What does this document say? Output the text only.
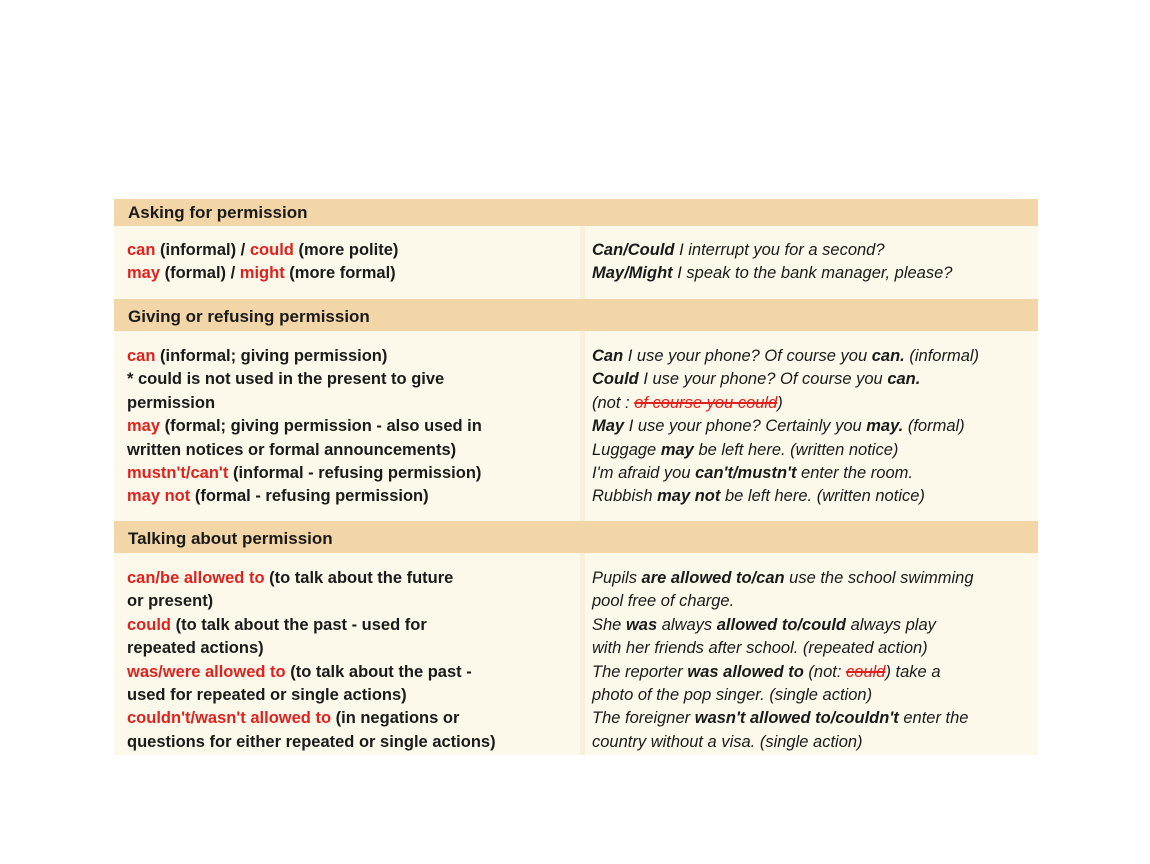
Asking for permission
can (informal) / could (more polite)
may (formal) / might (more formal)
Can/Could I interrupt you for a second?
May/Might I speak to the bank manager, please?
Giving or refusing permission
can (informal; giving permission)
* could is not used in the present to give
permission
may (formal; giving permission - also used in
written notices or formal announcements)
mustn't/can't (informal - refusing permission)
may not (formal - refusing permission)
Can I use your phone? Of course you can. (informal)
Could I use your phone? Of course you can.
(not : of course you could)
May I use your phone? Certainly you may. (formal)
Luggage may be left here. (written notice)
I'm afraid you can't/mustn't enter the room.
Rubbish may not be left here. (written notice)
Talking about permission
can/be allowed to (to talk about the future
or present)
could (to talk about the past - used for
repeated actions)
was/were allowed to (to talk about the past -
used for repeated or single actions)
couldn't/wasn't allowed to (in negations or
questions for either repeated or single actions)
Pupils are allowed to/can use the school swimming
pool free of charge.
She was always allowed to/could always play
with her friends after school. (repeated action)
The reporter was allowed to (not: could) take a
photo of the pop singer. (single action)
The foreigner wasn't allowed to/couldn't enter the
country without a visa. (single action)
